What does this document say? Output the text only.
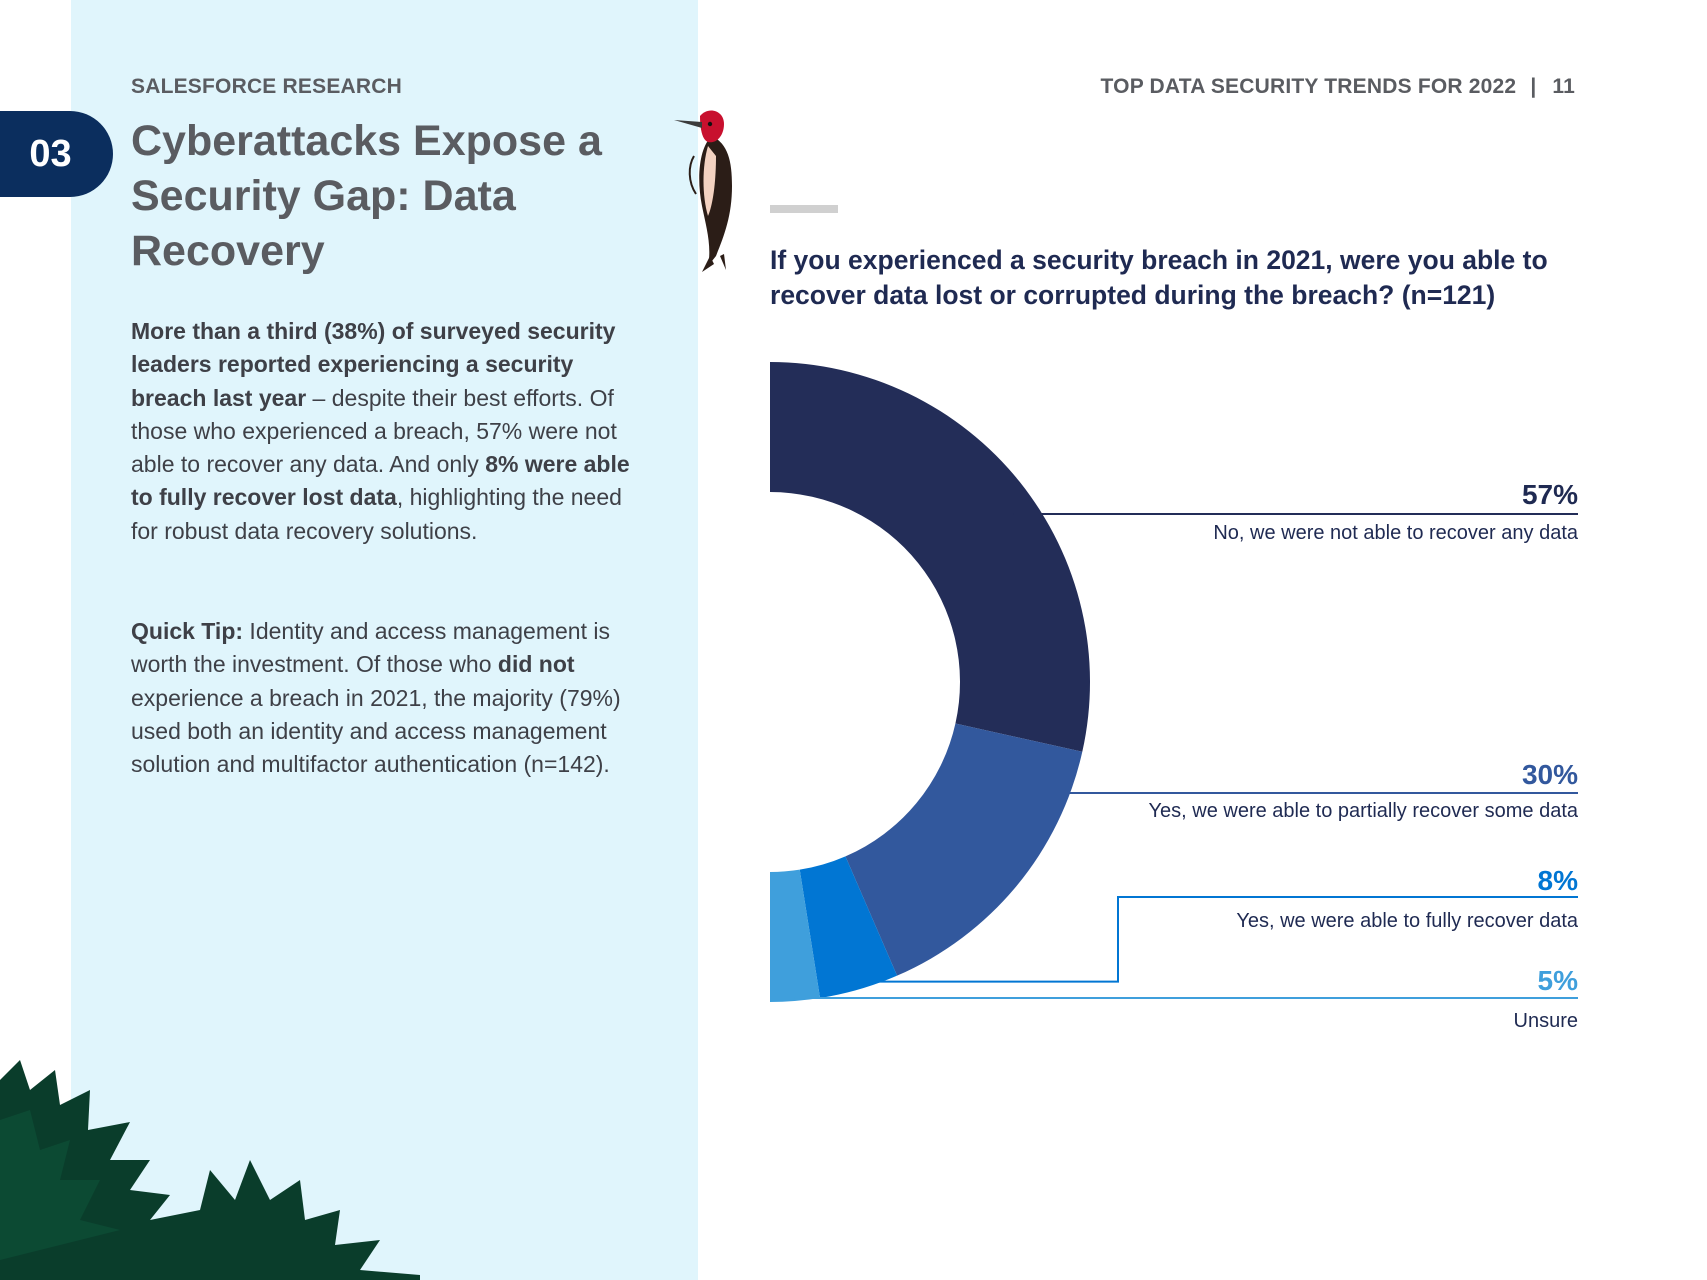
SALESFORCE RESEARCH	TOP DATA SECURITY TRENDS FOR 2022 | 11
03	Cyberattacks Expose a Security Gap: Data Recovery
More than a third (38%) of surveyed security leaders reported experiencing a security breach last year – despite their best efforts. Of those who experienced a breach, 57% were not able to recover any data. And only 8% were able to fully recover lost data, highlighting the need for robust data recovery solutions.
Quick Tip: Identity and access management is worth the investment. Of those who did not experience a breach in 2021, the majority (79%) used both an identity and access management solution and multifactor authentication (n=142).
If you experienced a security breach in 2021, were you able to recover data lost or corrupted during the breach? (n=121)
57%
No, we were not able to recover any data
30%
Yes, we were able to partially recover some data
8%
Yes, we were able to fully recover data
5%
Unsure
